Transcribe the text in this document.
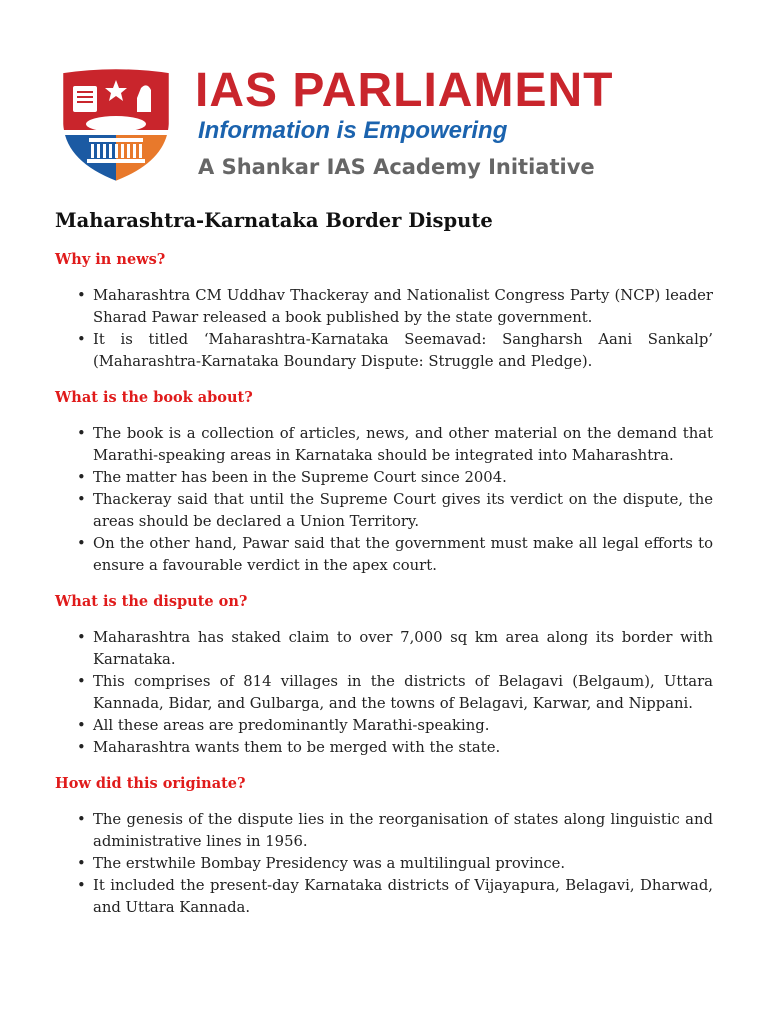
IAS PARLIAMENT
Information is Empowering
A Shankar IAS Academy Initiative
Maharashtra-Karnataka Border Dispute
Why in news?
• Maharashtra CM Uddhav Thackeray and Nationalist Congress Party (NCP) leader Sharad Pawar released a book published by the state government.
• It is titled ‘Maharashtra-Karnataka Seemavad: Sangharsh Aani Sankalp’ (Maharashtra-Karnataka Boundary Dispute: Struggle and Pledge).
What is the book about?
• The book is a collection of articles, news, and other material on the demand that Marathi-speaking areas in Karnataka should be integrated into Maharashtra.
• The matter has been in the Supreme Court since 2004.
• Thackeray said that until the Supreme Court gives its verdict on the dispute, the areas should be declared a Union Territory.
• On the other hand, Pawar said that the government must make all legal efforts to ensure a favourable verdict in the apex court.
What is the dispute on?
• Maharashtra has staked claim to over 7,000 sq km area along its border with Karnataka.
• This comprises of 814 villages in the districts of Belagavi (Belgaum), Uttara Kannada, Bidar, and Gulbarga, and the towns of Belagavi, Karwar, and Nippani.
• All these areas are predominantly Marathi-speaking.
• Maharashtra wants them to be merged with the state.
How did this originate?
• The genesis of the dispute lies in the reorganisation of states along linguistic and administrative lines in 1956.
• The erstwhile Bombay Presidency was a multilingual province.
• It included the present-day Karnataka districts of Vijayapura, Belagavi, Dharwad, and Uttara Kannada.
